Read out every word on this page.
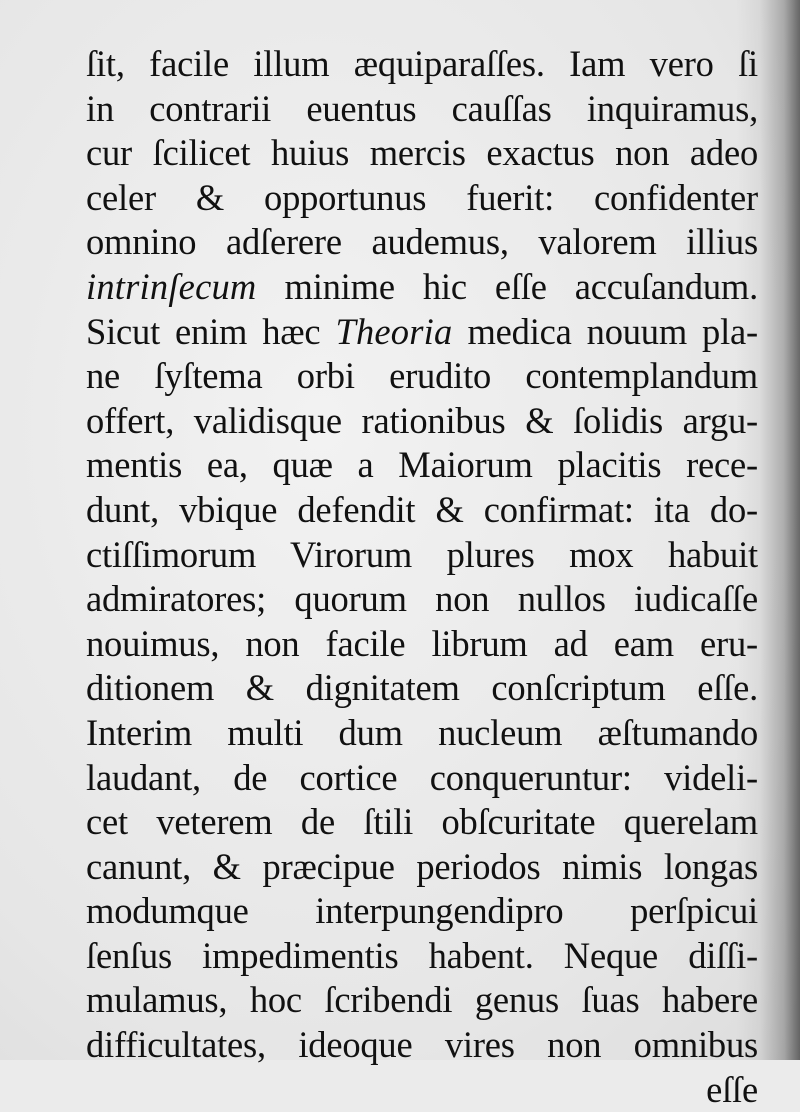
ſit, facile illum æquiparaſſes. Iam vero ſi
in contrarii euentus cauſſas inquiramus,
cur ſcilicet huius mercis exactus non adeo
celer & opportunus fuerit: confidenter
omnino adſerere audemus, valorem illius
intrinſecum minime hic eſſe accuſandum.
Sicut enim hæc Theoria medica nouum pla-
ne ſyſtema orbi erudito contemplandum
offert, validisque rationibus & ſolidis argu-
mentis ea, quæ a Maiorum placitis rece-
dunt, vbique defendit & confirmat: ita do-
ctiſſimorum Virorum plures mox habuit
admiratores; quorum non nullos iudicaſſe
nouimus, non facile librum ad eam eru-
ditionem & dignitatem conſcriptum eſſe.
Interim multi dum nucleum æſtumando
laudant, de cortice conqueruntur: videli-
cet veterem de ſtili obſcuritate querelam
canunt, & præcipue periodos nimis longas
modumque interpungendipro perſpicui
ſenſus impedimentis habent. Neque diſſi-
mulamus, hoc ſcribendi genus ſuas habere
difficultates, ideoque vires non omnibus
eſſe
